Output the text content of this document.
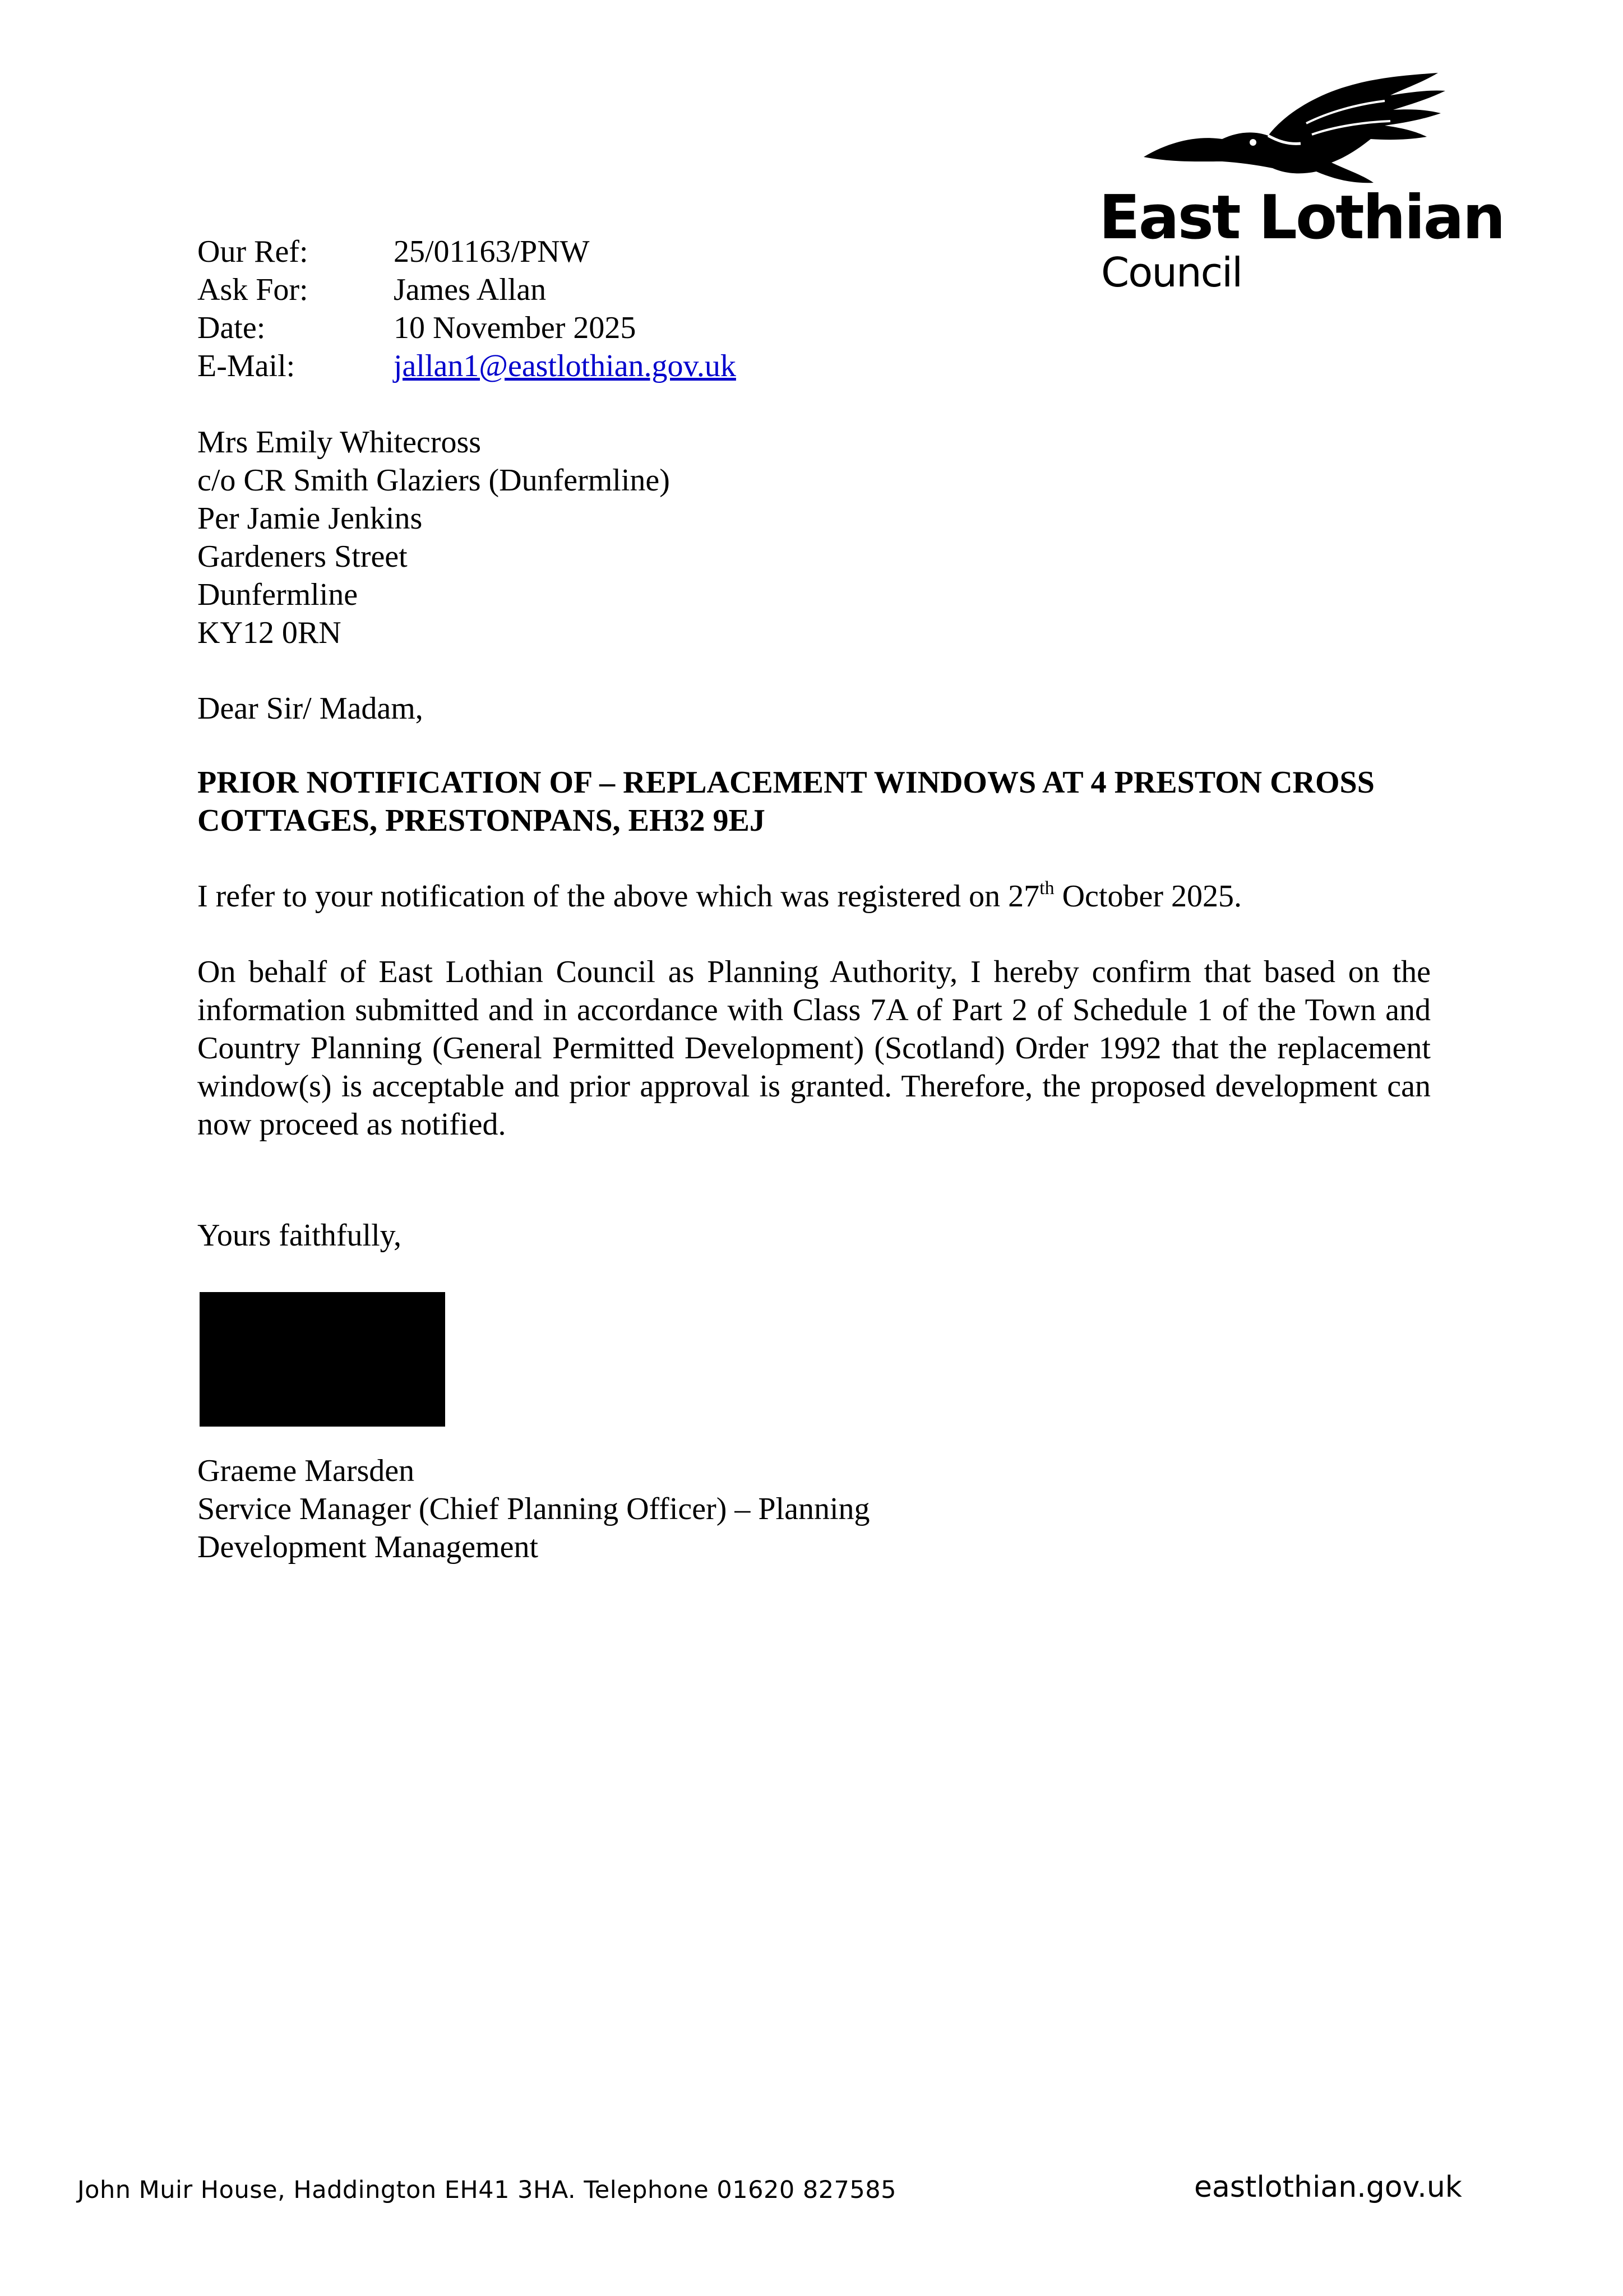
East Lothian
Council
Our Ref:	25/01163/PNW
Ask For:	James Allan
Date:	10 November 2025
E-Mail:	jallan1@eastlothian.gov.uk
Mrs Emily Whitecross
c/o CR Smith Glaziers (Dunfermline)
Per Jamie Jenkins
Gardeners Street
Dunfermline
KY12 0RN
Dear Sir/ Madam,
PRIOR NOTIFICATION OF – REPLACEMENT WINDOWS AT 4 PRESTON CROSS
COTTAGES, PRESTONPANS, EH32 9EJ
I refer to your notification of the above which was registered on 27th October 2025.
On behalf of East Lothian Council as Planning Authority, I hereby confirm that based on the information submitted and in accordance with Class 7A of Part 2 of Schedule 1 of the Town and Country Planning (General Permitted Development) (Scotland) Order 1992 that the replacement window(s) is acceptable and prior approval is granted. Therefore, the proposed development can now proceed as notified.
Yours faithfully,
Graeme Marsden
Service Manager (Chief Planning Officer) – Planning
Development Management
John Muir House, Haddington EH41 3HA. Telephone 01620 827585	eastlothian.gov.uk
